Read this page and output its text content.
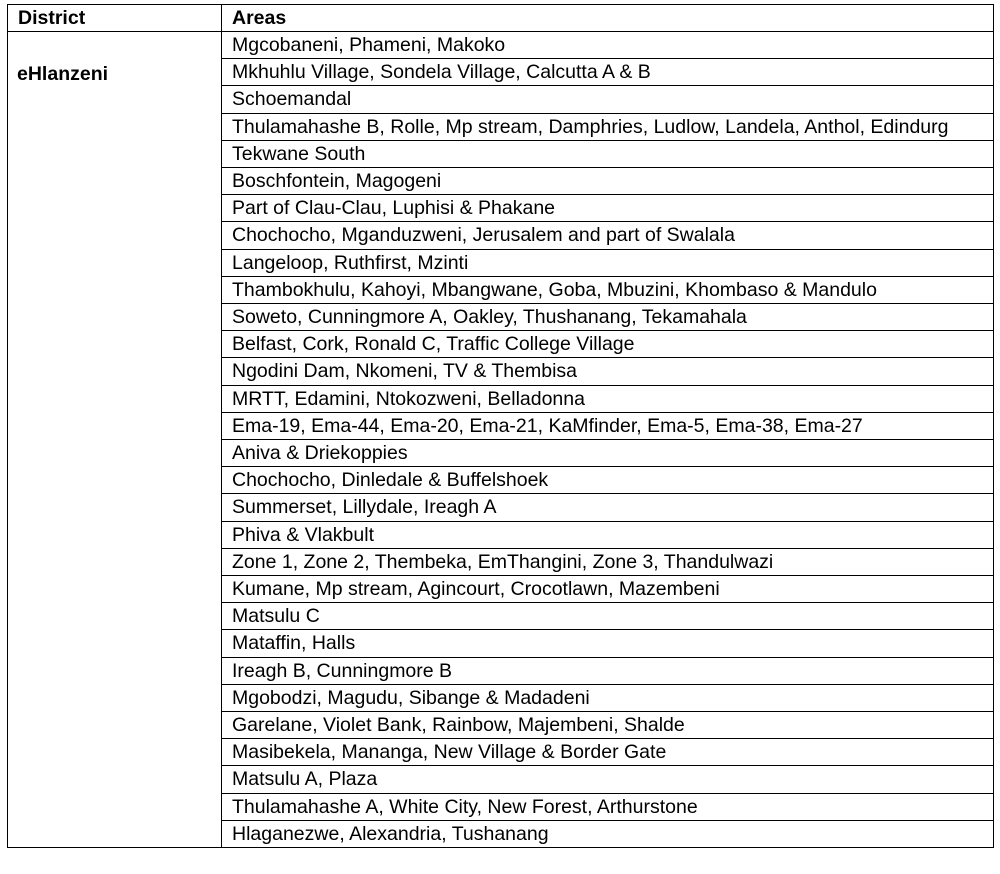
District	Areas
eHlanzeni	Mgcobaneni, Phameni, Makoko
	Mkhuhlu Village, Sondela Village, Calcutta A & B
	Schoemandal
	Thulamahashe B, Rolle, Mp stream, Damphries, Ludlow, Landela, Anthol, Edindurg
	Tekwane South
	Boschfontein, Magogeni
	Part of Clau-Clau, Luphisi & Phakane
	Chochocho, Mganduzweni, Jerusalem and part of Swalala
	Langeloop, Ruthfirst, Mzinti
	Thambokhulu, Kahoyi, Mbangwane, Goba, Mbuzini, Khombaso & Mandulo
	Soweto, Cunningmore A, Oakley, Thushanang, Tekamahala
	Belfast, Cork, Ronald C, Traffic College Village
	Ngodini Dam, Nkomeni, TV & Thembisa
	MRTT, Edamini, Ntokozweni, Belladonna
	Ema-19, Ema-44, Ema-20, Ema-21, KaMfinder, Ema-5, Ema-38, Ema-27
	Aniva & Driekoppies
	Chochocho, Dinledale & Buffelshoek
	Summerset, Lillydale, Ireagh A
	Phiva & Vlakbult
	Zone 1, Zone 2, Thembeka, EmThangini, Zone 3, Thandulwazi
	Kumane, Mp stream, Agincourt, Crocotlawn, Mazembeni
	Matsulu C
	Mataffin, Halls
	Ireagh B, Cunningmore B
	Mgobodzi, Magudu, Sibange & Madadeni
	Garelane, Violet Bank, Rainbow, Majembeni, Shalde
	Masibekela, Mananga, New Village & Border Gate
	Matsulu A, Plaza
	Thulamahashe A, White City, New Forest, Arthurstone
	Hlaganezwe, Alexandria, Tushanang
